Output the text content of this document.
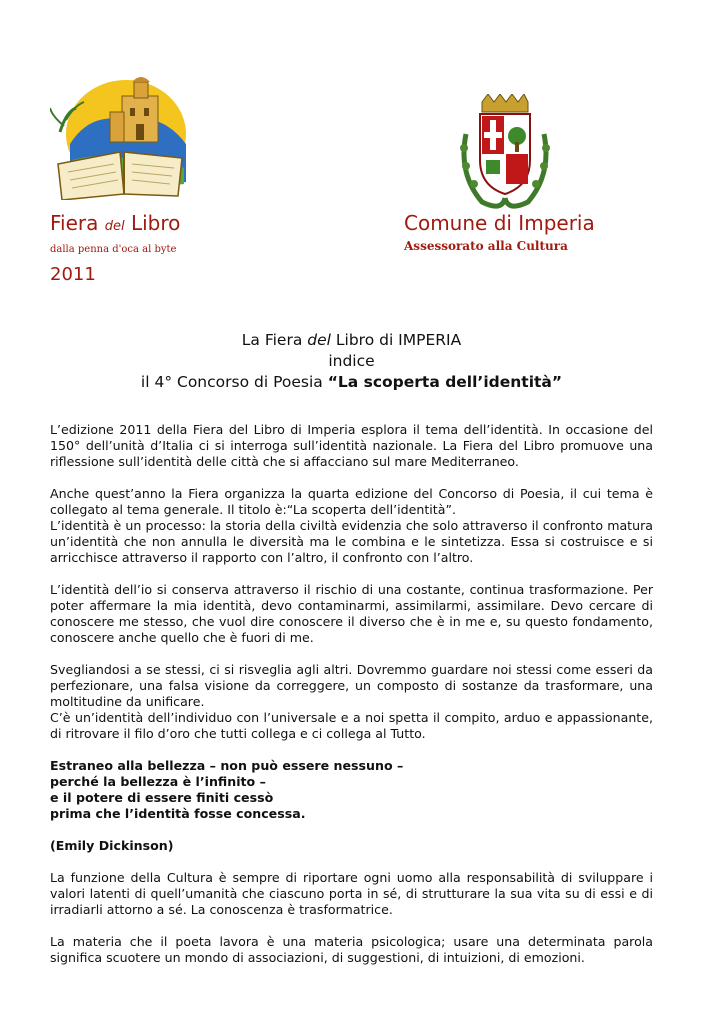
Fiera del Libro
dalla penna d'oca al byte
2011
Comune di Imperia
Assessorato alla Cultura
La Fiera del Libro di IMPERIA
indice
il 4° Concorso di Poesia “La scoperta dell’identità”

L’edizione 2011 della Fiera del Libro di Imperia esplora il tema dell’identità. In occasione del 150° dell’unità d’Italia ci si interroga sull’identità nazionale. La Fiera del Libro promuove una riflessione sull’identità delle città che si affacciano sul mare Mediterraneo.

Anche quest’anno la Fiera organizza la quarta edizione del Concorso di Poesia, il cui tema è collegato al tema generale. Il titolo è:“La scoperta dell’identità”.
L’identità è un processo: la storia della civiltà evidenzia che solo attraverso il confronto matura un’identità che non annulla le diversità ma le combina e le sintetizza. Essa si costruisce e si arricchisce attraverso il rapporto con l’altro, il confronto con l’altro.

L’identità dell’io si conserva attraverso il rischio di una costante, continua trasformazione. Per poter affermare la mia identità, devo contaminarmi, assimilarmi, assimilare. Devo cercare di conoscere me stesso, che vuol dire conoscere il diverso che è in me e, su questo fondamento, conoscere anche quello che è fuori di me.

Svegliandosi a se stessi, ci si risveglia agli altri. Dovremmo guardare noi stessi come esseri da perfezionare, una falsa visione da correggere, un composto di sostanze da trasformare, una moltitudine da unificare.
C’è un’identità dell’individuo con l’universale e a noi spetta il compito, arduo e appassionante, di ritrovare il filo d’oro che tutti collega e ci collega al Tutto.

Estraneo alla bellezza – non può essere nessuno –
perché la bellezza è l’infinito –
e il potere di essere finiti cessò
prima che l’identità fosse concessa.

(Emily Dickinson)

La funzione della Cultura è sempre di riportare ogni uomo alla responsabilità di sviluppare i valori latenti di quell’umanità che ciascuno porta in sé, di strutturare la sua vita su di essi e di irradiarli attorno a sé. La conoscenza è trasformatrice.

La materia che il poeta lavora è una materia psicologica; usare una determinata parola significa scuotere un mondo di associazioni, di suggestioni, di intuizioni, di emozioni.
